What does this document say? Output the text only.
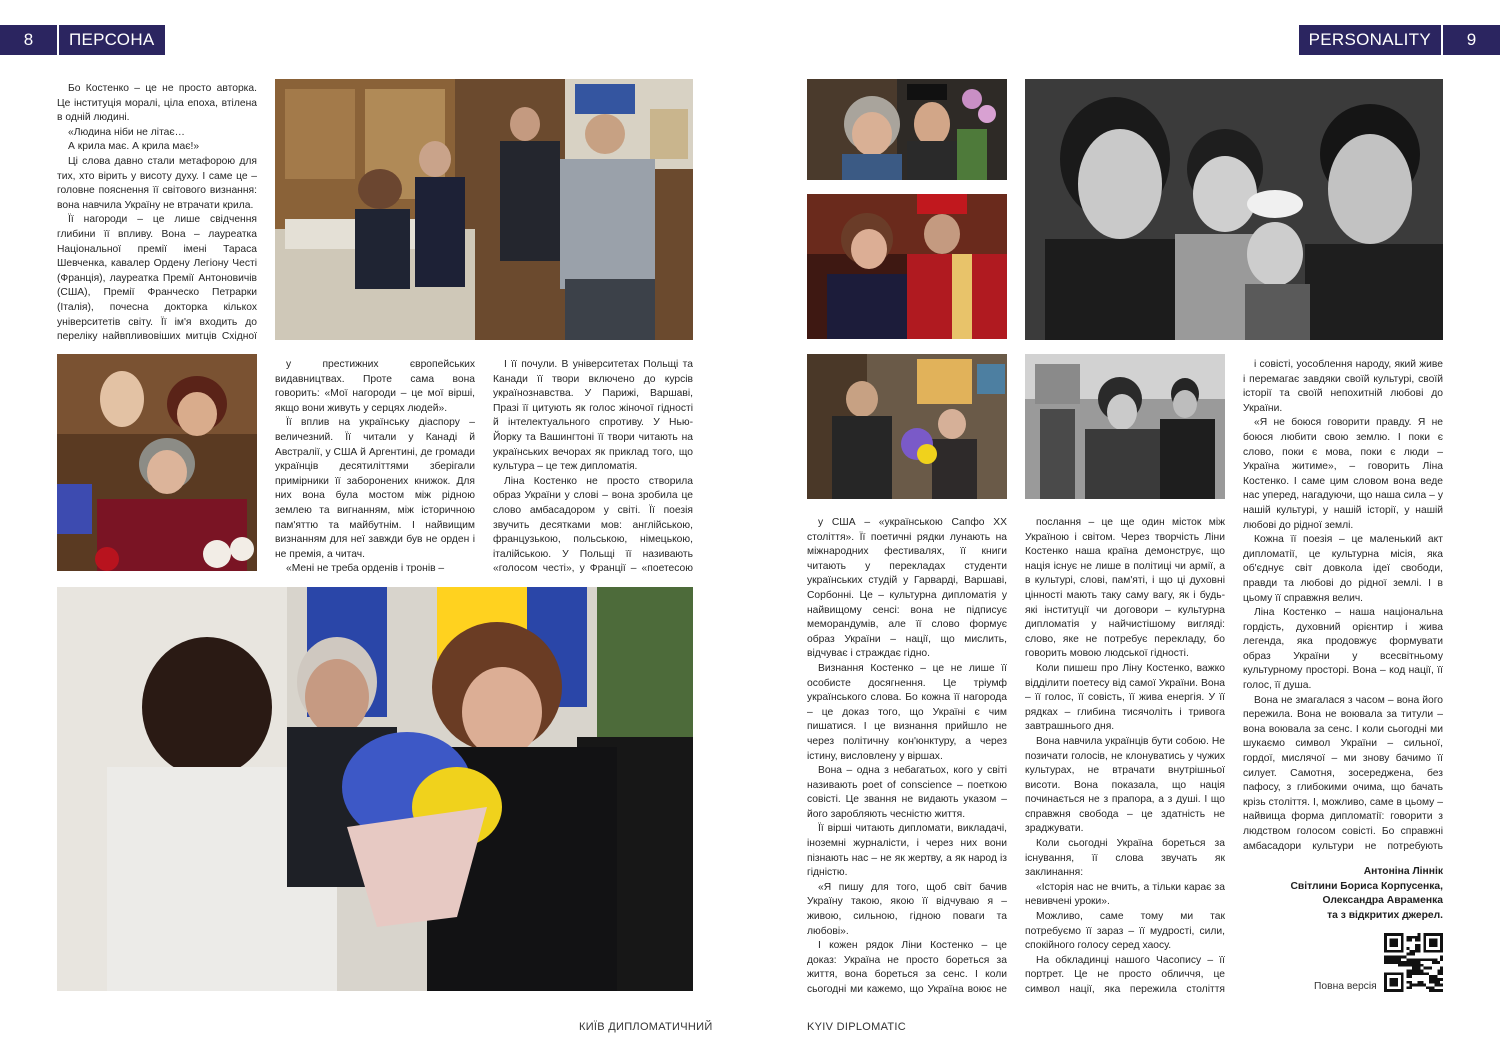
8	ПЕРСОНА	PERSONALITY	9

Бо Костенко – це не просто авторка. Це інституція моралі, ціла епоха, втілена в одній людині.

«Людина ніби не літає…

А крила має. А крила має!»

Ці слова давно стали метафорою для тих, хто вірить у висоту духу. І саме це – головне пояснення її світового визнання: вона навчила Україну не втрачати крила.

Її нагороди – це лише свідчення глибини її впливу. Вона – лауреатка Національної премії імені Тараса Шевченка, кавалер Ордену Легіону Честі (Франція), лауреатка Премії Антоновичів (США), Премії Франческо Петрарки (Італія), почесна докторка кількох університетів світу. Її ім'я входить до переліку найвпливовіших митців Східної

у престижних європейських видавництвах. Проте сама вона говорить: «Мої нагороди – це мої вірші, якщо вони живуть у серцях людей».

Її вплив на українську діаспору – величезний. Її читали у Канаді й Австралії, у США й Аргентині, де громади українців десятиліттями зберігали примірники її заборонених книжок. Для них вона була мостом між рідною землею та вигнанням, між історичною пам'яттю та майбутнім. І найвищим визнанням для неї завжди був не орден і не премія, а читач.

«Мені не треба орденів і тронів –

І її почули. В університетах Польщі та Канади її твори включено до курсів українознавства. У Парижі, Варшаві, Празі її цитують як голос жіночої гідності й інтелектуального спротиву. У Нью-Йорку та Вашингтоні її твори читають на українських вечорах як приклад того, що культура – це теж дипломатія.

Ліна Костенко не просто створила образ України у слові – вона зробила це слово амбасадором у світі. Її поезія звучить десятками мов: англійською, французькою, польською, німецькою, італійською. У Польщі її називають «голосом честі», у Франції – «поетесою

у США – «українською Сапфо XX століття». Її поетичні рядки лунають на міжнародних фестивалях, її книги читають у перекладах студенти українських студій у Гарварді, Варшаві, Сорбонні. Це – культурна дипломатія у найвищому сенсі: вона не підписує меморандумів, але її слово формує образ України – нації, що мислить, відчуває і страждає гідно.

Визнання Костенко – це не лише її особисте досягнення. Це тріумф українського слова. Бо кожна її нагорода – це доказ того, що Україні є чим пишатися. І це визнання прийшло не через політичну кон'юнктуру, а через істину, висловлену у віршах.

Вона – одна з небагатьох, кого у світі називають poet of conscience – поеткою совісті. Це звання не видають указом – його заробляють чесністю життя.

Її вірші читають дипломати, викладачі, іноземні журналісти, і через них вони пізнають нас – не як жертву, а як народ із гідністю.

«Я пишу для того, щоб світ бачив Україну такою, якою її відчуваю я – живою, сильною, гідною поваги та любові».

І кожен рядок Ліни Костенко – це доказ: Україна не просто бореться за життя, вона бореться за сенс. І коли сьогодні ми кажемо, що Україна воює не

послання – це ще один місток між Україною і світом. Через творчість Ліни Костенко наша країна демонструє, що нація існує не лише в політиці чи армії, а в культурі, слові, пам'яті, і що ці духовні цінності мають таку саму вагу, як і будь-які інституції чи договори – культурна дипломатія у найчистішому вигляді: слово, яке не потребує перекладу, бо говорить мовою людської гідності.

Коли пишеш про Ліну Костенко, важко відділити поетесу від самої України. Вона – її голос, її совість, її жива енергія. У її рядках – глибина тисячоліть і тривога завтрашнього дня.

Вона навчила українців бути собою. Не позичати голосів, не клонуватись у чужих культурах, не втрачати внутрішньої висоти. Вона показала, що нація починається не з прапора, а з душі. І що справжня свобода – це здатність не зраджувати.

Коли сьогодні Україна бореться за існування, її слова звучать як заклинання:

«Історія нас не вчить, а тільки карає за невивчені уроки».

Можливо, саме тому ми так потребуємо її зараз – її мудрості, сили, спокійного голосу серед хаосу.

На обкладинці нашого Часопису – її портрет. Це не просто обличчя, це символ нації, яка пережила століття

і совісті, уособлення народу, який живе і перемагає завдяки своїй культурі, своїй історії та своїй непохитній любові до України.

«Я не боюся говорити правду. Я не боюся любити свою землю. І поки є слово, поки є мова, поки є люди – Україна житиме», – говорить Ліна Костенко. І саме цим словом вона веде нас уперед, нагадуючи, що наша сила – у нашій культурі, у нашій історії, у нашій любові до рідної землі.

Кожна її поезія – це маленький акт дипломатії, це культурна місія, яка об'єднує світ довкола ідеї свободи, правди та любові до рідної землі. І в цьому її справжня велич.

Ліна Костенко – наша національна гордість, духовний орієнтир і жива легенда, яка продовжує формувати образ України у всесвітньому культурному просторі. Вона – код нації, її голос, її душа.

Вона не змагалася з часом – вона його пережила. Вона не воювала за титули – вона воювала за сенс. І коли сьогодні ми шукаємо символ України – сильної, гордої, мислячої – ми знову бачимо її силует. Самотня, зосереджена, без пафосу, з глибокими очима, що бачать крізь століття. І, можливо, саме в цьому – найвища форма дипломатії: говорити з людством голосом совісті. Бо справжні амбасадори культури не потребують

Антоніна Ліннік
Світлини Бориса Корпусенка,
Олександра Авраменка
та з відкритих джерел.
Повна версія
КИЇВ ДИПЛОМАТИЧНИЙ	KYIV DIPLOMATIC
